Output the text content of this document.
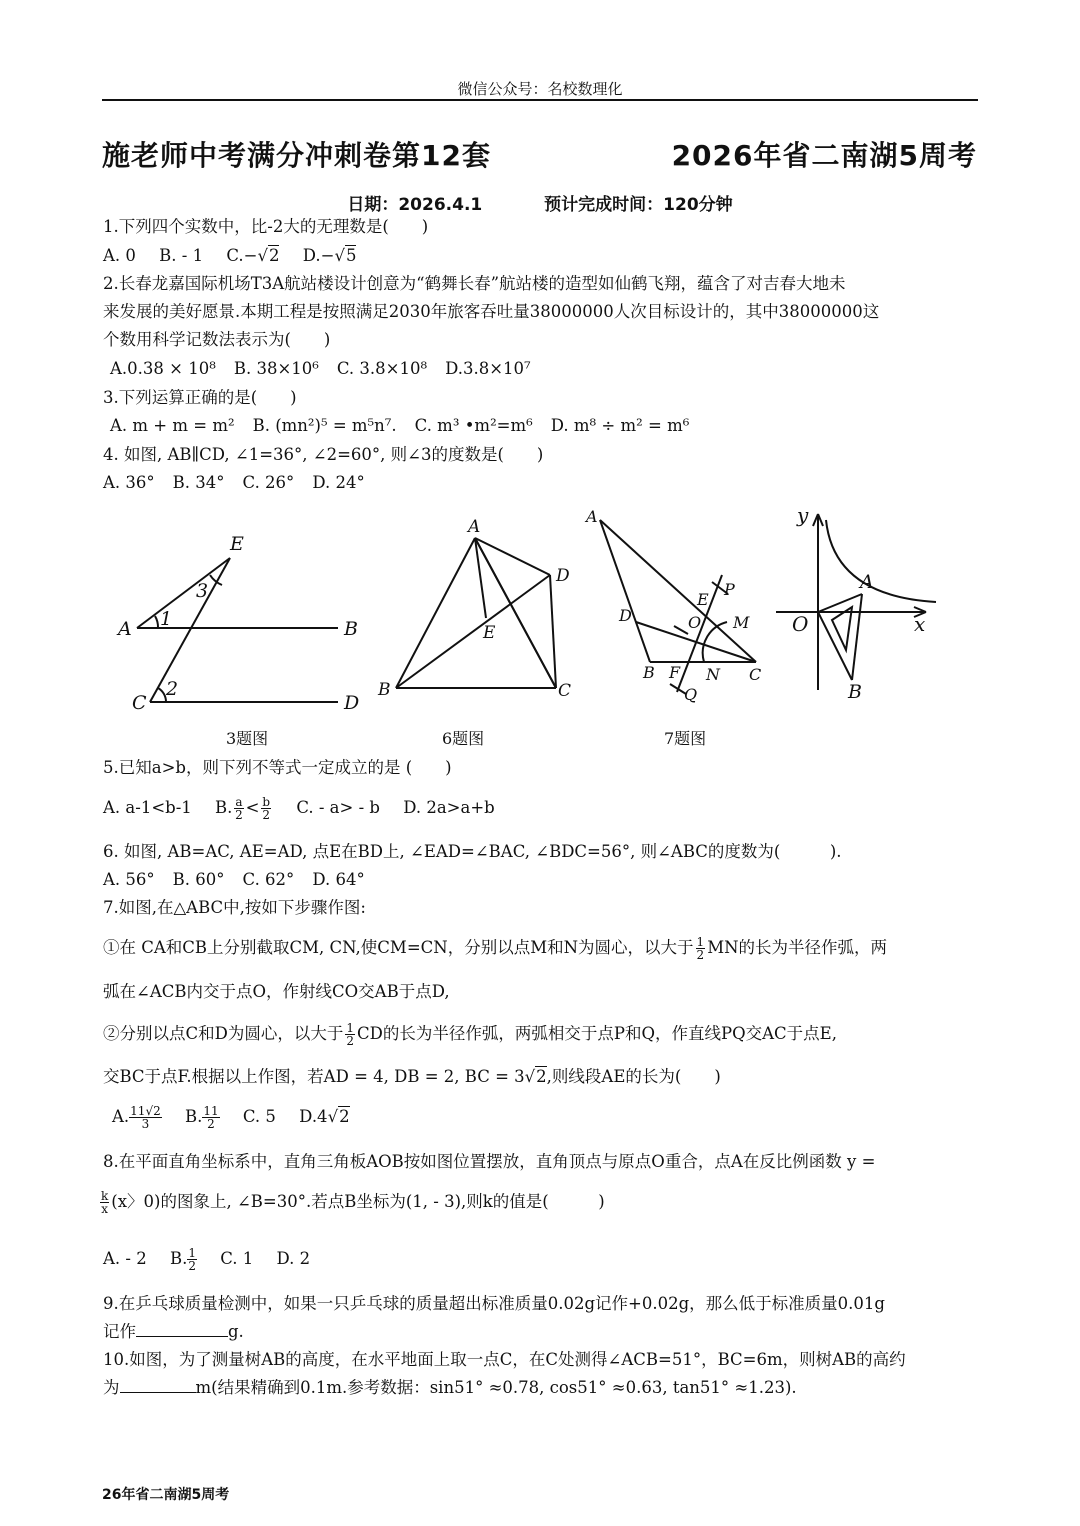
微信公众号：名校数理化
施老师中考满分冲刺卷第12套	2026年省二南湖5周考
日期：2026.4.1	预计完成时间：120分钟
1.下列四个实数中，比-2大的无理数是(　　)
A. 0 B. - 1 C.−√2 D.−√5
2.长春龙嘉国际机场T3A航站楼设计创意为“鹤舞长春”航站楼的造型如仙鹤飞翔，蕴含了对吉春大地未
来发展的美好愿景.本期工程是按照满足2030年旅客吞吐量38000000人次目标设计的，其中38000000这
个数用科学记数法表示为(　　)
A.0.38 × 10⁸ B. 38×10⁶ C. 3.8×10⁸ D.3.8×10⁷
3.下列运算正确的是(　　)
A. m + m = m² B. (mn²)⁵ = m⁵n⁷. C. m³ •m²=m⁶ D. m⁸ ÷ m² = m⁶
4. 如图, AB∥CD, ∠1=36°, ∠2=60°, 则∠3的度数是(　　)
A. 36° B. 34° C. 26° D. 24°
E
3
A 1	B
C
2
D
A
D
E
B	C
A
P
E
M
O
D
B F N C
Q
y
A
O	x
B
3题图	6题图	7题图
5.已知a>b，则下列不等式一定成立的是 (　　)
A. a-1<b-1 B. $\frac{a}{2} < \frac{b}{2} C$. - a> - b D. 2a>a+b
6. 如图, AB=AC, AE=AD, 点E在BD上, ∠EAD=∠BAC, ∠BDC=56°, 则∠ABC的度数为(　　　).
A. 56° B. 60° C. 62° D. 64°
7.如图,在△ABC中,按如下步骤作图:
①在 CA和CB上分别截取CM, CN,使CM=CN，分别以点M和N为圆心，以大于 $\frac{1}{2}$ MN的长为半径作弧，两
弧在∠ACB内交于点O，作射线CO交AB于点D,
②分别以点C和D为圆心，以大于 $\frac{1}{2}$ CD的长为半径作弧，两弧相交于点P和Q，作直线PQ交AC于点E,
交BC于点F.根据以上作图，若AD = 4, DB = 2, BC = 3√2,则线段AE的长为(　　)
A. $\frac{11√2}{3} B$. $\frac{11}{2} C$. 5 D.4√2
8.在平面直角坐标系中，直角三角板AOB按如图位置摆放，直角顶点与原点O重合，点A在反比例函数 y =
$\frac{k}{x} (x$〉0)的图象上, ∠B=30°.若点B坐标为(1, - 3),则k的值是(　　　)
A. - 2 B. $\frac{1}{2} C$. 1 D. 2
9.在乒乓球质量检测中，如果一只乒乓球的质量超出标准质量0.02g记作+0.02g，那么低于标准质量0.01g
记作	g.
10.如图，为了测量树AB的高度，在水平地面上取一点C，在C处测得∠ACB=51°，BC=6m，则树AB的高约
为	m(结果精确到0.1m.参考数据：sin51° ≈0.78, cos51° ≈0.63, tan51° ≈1.23).
26年省二南湖5周考
